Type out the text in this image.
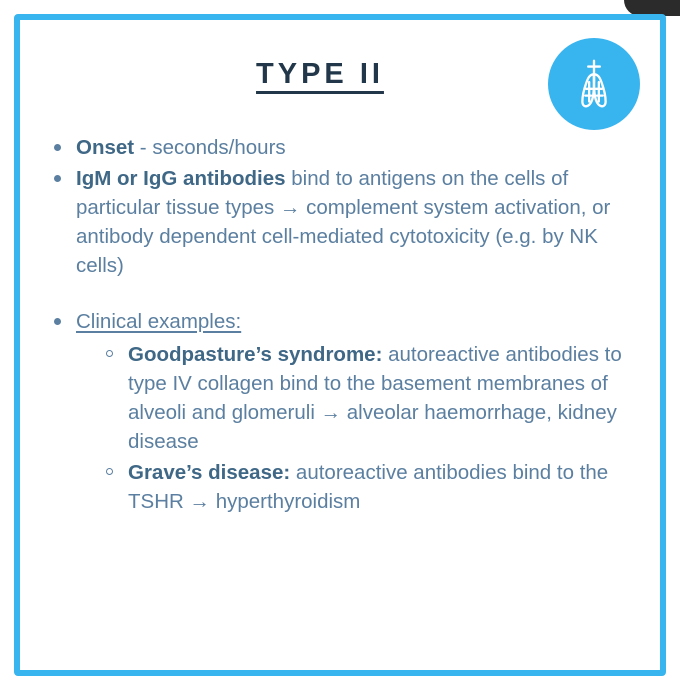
TYPE II
Onset - seconds/hours
IgM or IgG antibodies bind to antigens on the cells of particular tissue types → complement system activation, or antibody dependent cell-mediated cytotoxicity (e.g. by NK cells)
Clinical examples:
Goodpasture’s syndrome: autoreactive antibodies to type IV collagen bind to the basement membranes of alveoli and glomeruli → alveolar haemorrhage, kidney disease
Grave’s disease: autoreactive antibodies bind to the TSHR → hyperthyroidism
